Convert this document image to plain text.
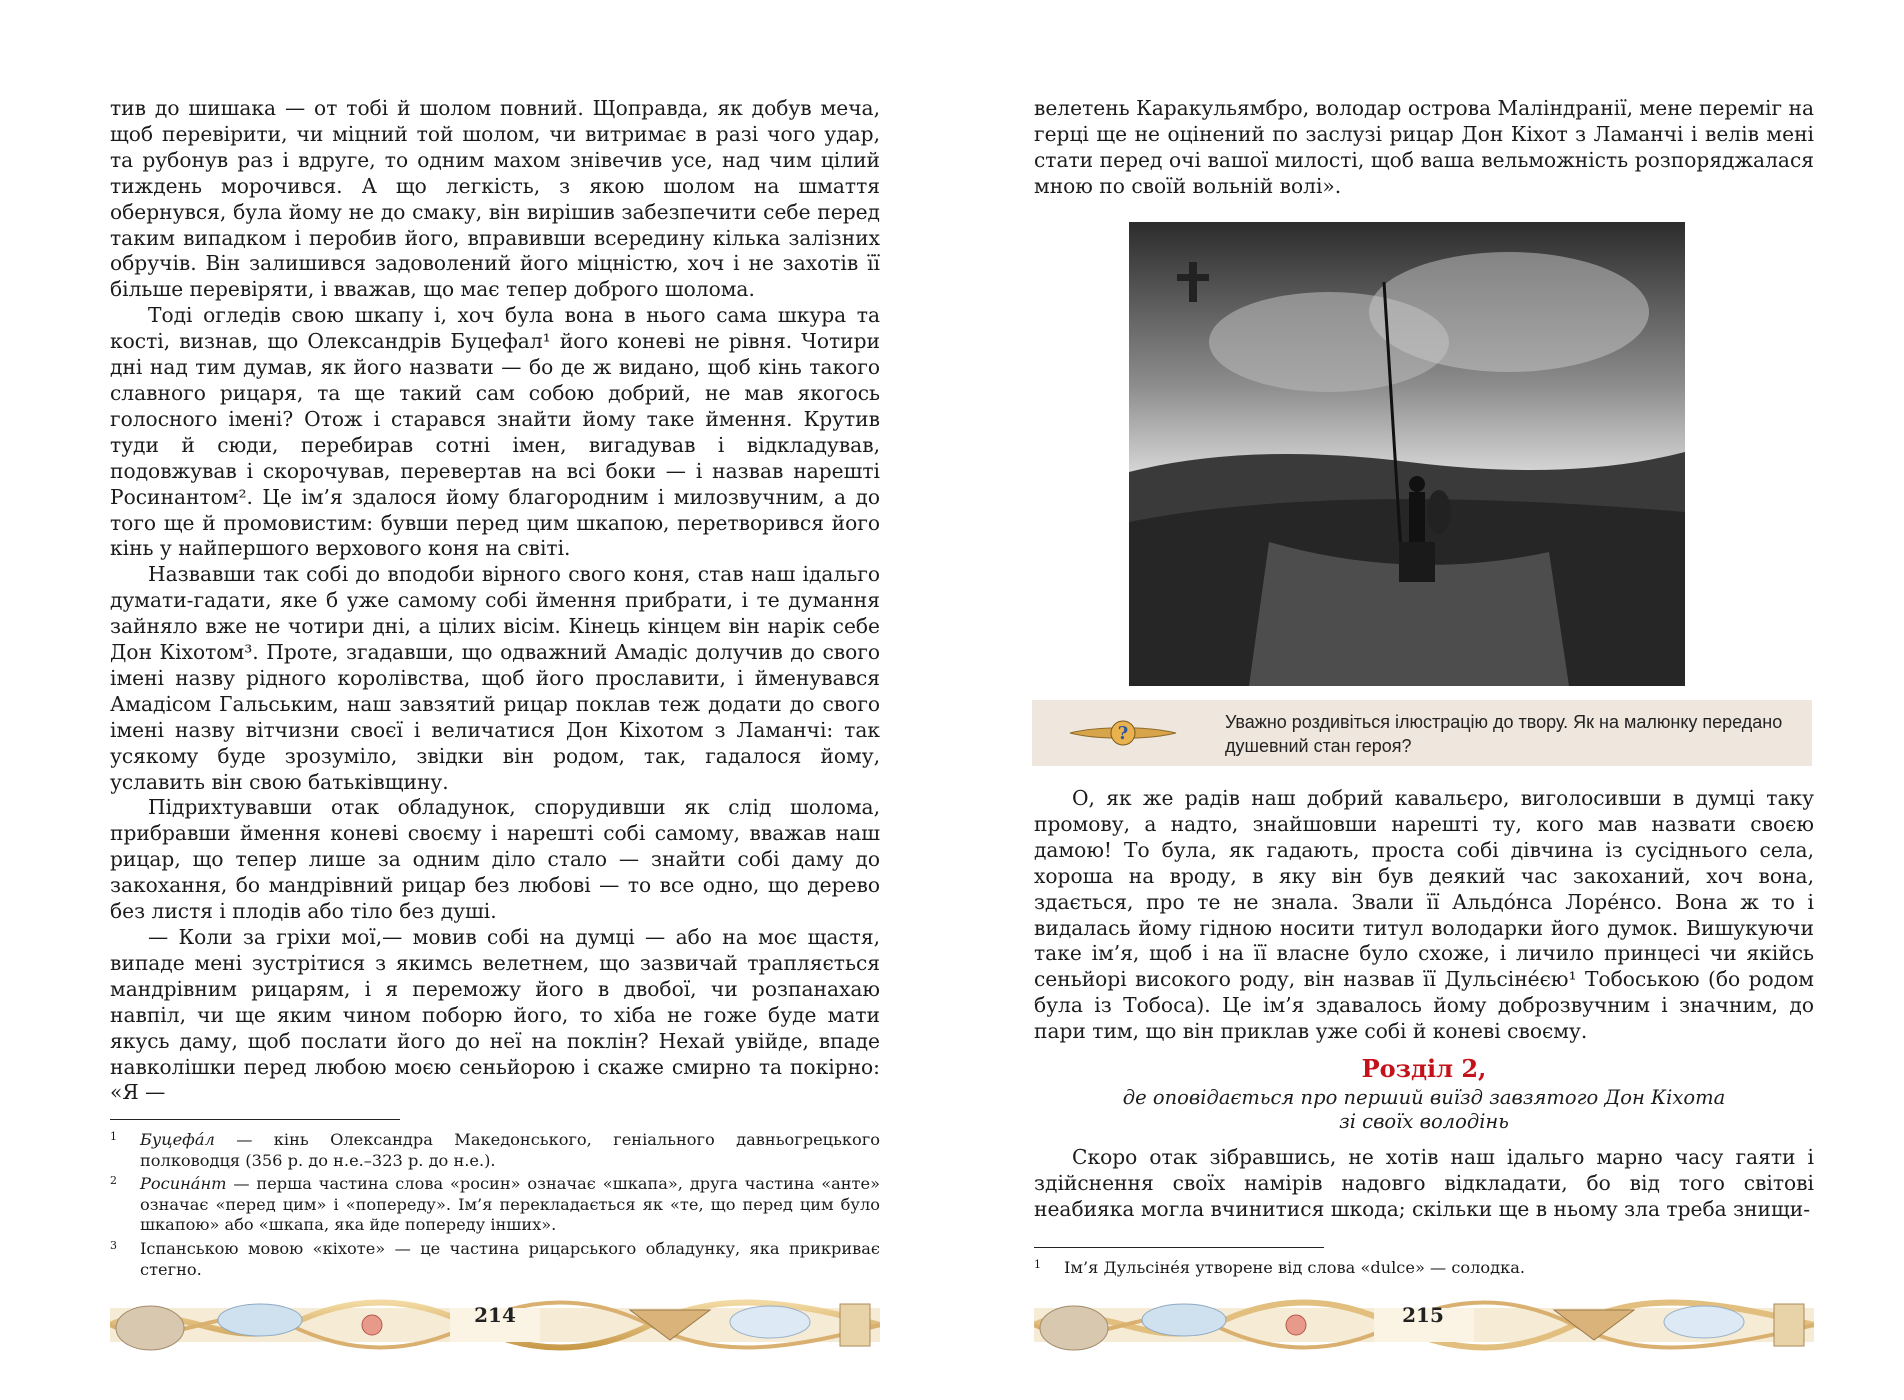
тив до шишака — от тобі й шолом повний. Щоправда, як добув меча, щоб перевірити, чи міцний той шолом, чи витримає в разі чого удар, та рубонув раз і вдруге, то одним махом знівечив усе, над чим цілий тиждень морочився. А що легкість, з якою шолом на шмаття обернувся, була йому не до смаку, він вирішив забезпечити себе перед таким випадком і перобив його, вправивши всередину кілька залізних обручів. Він залишився задоволений його міцністю, хоч і не захотів її більше перевіряти, і вважав, що має тепер доброго шолома.

Тоді огледів свою шкапу і, хоч була вона в нього сама шкура та кості, визнав, що Олександрів Буцефал¹ його коневі не рівня. Чотири дні над тим думав, як його назвати — бо де ж видано, щоб кінь такого славного рицаря, та ще такий сам собою добрий, не мав якогось голосного імені? Отож і старався знайти йому таке ймення. Крутив туди й сюди, перебирав сотні імен, вигадував і відкладував, подовжував і скорочував, перевертав на всі боки — і назвав нарешті Росинантом². Це ім’я здалося йому благородним і милозвучним, а до того ще й промовистим: бувши перед цим шкапою, перетворився його кінь у найпершого верхового коня на світі.

Назвавши так собі до вподоби вірного свого коня, став наш ідальго думати-гадати, яке б уже самому собі ймення прибрати, і те думання зайняло вже не чотири дні, а цілих вісім. Кінець кінцем він нарік себе Дон Кіхотом³. Проте, згадавши, що одважний Амадіс долучив до свого імені назву рідного королівства, щоб його прославити, і йменувався Амадісом Гальським, наш завзятий рицар поклав теж додати до свого імені назву вітчизни своєї і величатися Дон Кіхотом з Ламанчі: так усякому буде зрозуміло, звідки він родом, так, гадалося йому, уславить він свою батьківщину.

Підрихтувавши отак обладунок, спорудивши як слід шолома, прибравши ймення коневі своєму і нарешті собі самому, вважав наш рицар, що тепер лише за одним діло стало — знайти собі даму до закохання, бо мандрівний рицар без любові — то все одно, що дерево без листя і плодів або тіло без душі.

— Коли за гріхи мої,— мовив собі на думці — або на моє щастя, випаде мені зустрітися з якимсь велетнем, що зазвичай трапляється мандрівним рицарям, і я переможу його в двобої, чи розпанахаю навпіл, чи ще яким чином поборю його, то хіба не гоже буде мати якусь даму, щоб послати його до неї на поклін? Нехай увійде, впаде навколішки перед любою моєю сеньйорою і скаже смирно та покірно: «Я —

1 Буцефа́л — кінь Олександра Македонського, геніального давньогрецького полководця (356 р. до н.е.–323 р. до н.е.).
2 Росина́нт — перша частина слова «росин» означає «шкапа», друга частина «анте» означає «перед цим» і «попереду». Ім’я перекладається як «те, що перед цим було шкапою» або «шкапа, яка йде попереду інших».
3 Іспанською мовою «кіхоте» — це частина рицарського обладунку, яка прикриває стегно.
214

велетень Каракульямбро, володар острова Маліндранії, мене переміг на герці ще не оцінений по заслузі рицар Дон Кіхот з Ламанчі і велів мені стати перед очі вашої милості, щоб ваша вельможність розпоряджалася мною по своїй вольній волі».

?
Уважно роздивіться ілюстрацію до твору. Як на малюнку передано душевний стан героя?

О, як же радів наш добрий кавальєро, виголосивши в думці таку промову, а надто, знайшовши нарешті ту, кого мав назвати своєю дамою! То була, як гадають, проста собі дівчина із сусіднього села, хороша на вроду, в яку він був деякий час закоханий, хоч вона, здається, про те не знала. Звали її Альдо́нса Лоре́нсо. Вона ж то і видалась йому гідною носити титул володарки його думок. Вишукуючи таке ім’я, щоб і на її власне було схоже, і личило принцесі чи якійсь сеньйорі високого роду, він назвав її Дульсіне́єю¹ Тобоською (бо родом була із Тобоса). Це ім’я здавалось йому доброзвучним і значним, до пари тим, що він приклав уже собі й коневі своєму.

Розділ 2,
де оповідається про перший виїзд завзятого Дон Кіхота
зі своїх володінь

Скоро отак зібравшись, не хотів наш ідальго марно часу гаяти і здійснення своїх намірів надовго відкладати, бо від того світові неабияка могла вчинитися шкода; скільки ще в ньому зла треба знищи-

1 Ім’я Дульсіне́я утворене від слова «dulce» — солодка.
215
